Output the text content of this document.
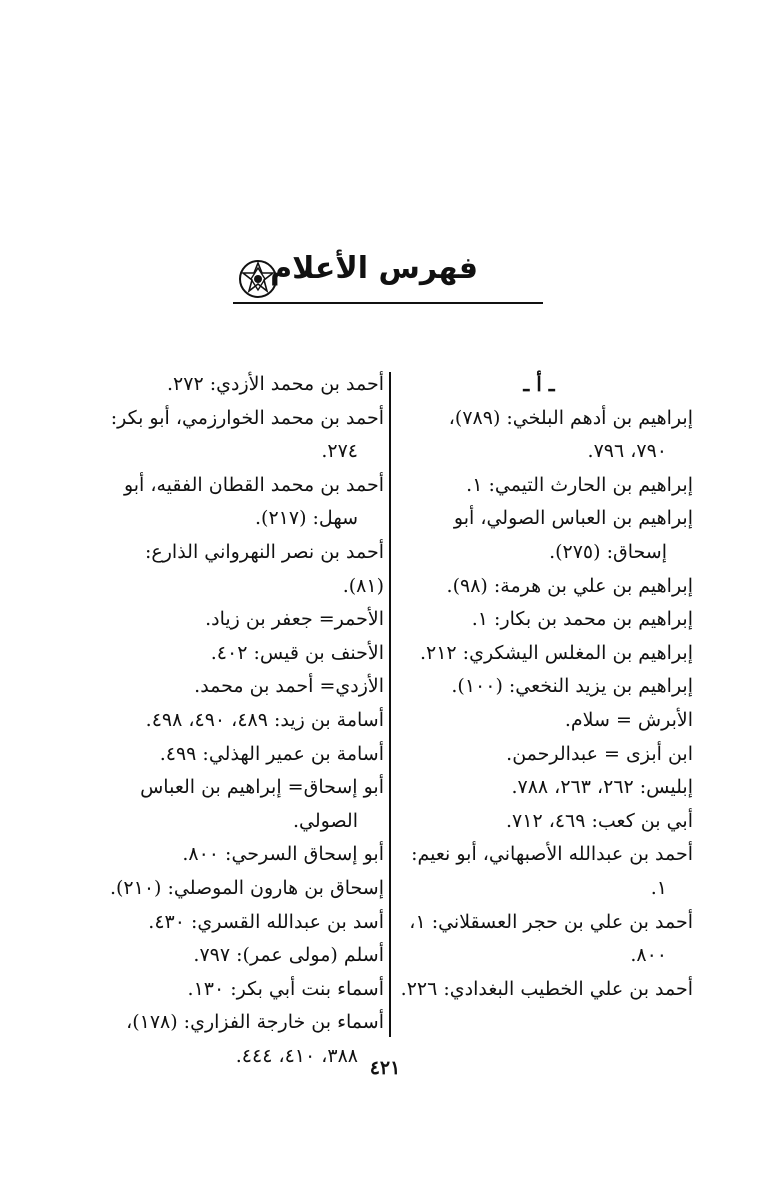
فهرس الأعلام
ـ أ ـ
إبراهيم بن أدهم البلخي: (٧٨٩)،
٧٩٠، ٧٩٦.
إبراهيم بن الحارث التيمي: ١.
إبراهيم بن العباس الصولي، أبو
إسحاق: (٢٧٥).
إبراهيم بن علي بن هرمة: (٩٨).
إبراهيم بن محمد بن بكار: ١.
إبراهيم بن المغلس اليشكري: ٢١٢.
إبراهيم بن يزيد النخعي: (١٠٠).
الأبرش = سلام.
ابن أبزى = عبدالرحمن.
إبليس: ٢٦٢، ٢٦٣، ٧٨٨.
أبي بن كعب: ٤٦٩، ٧١٢.
أحمد بن عبدالله الأصبهاني، أبو نعيم:
١.
أحمد بن علي بن حجر العسقلاني: ١،
٨٠٠.
أحمد بن علي الخطيب البغدادي: ٢٢٦.
أحمد بن محمد الأزدي: ٢٧٢.
أحمد بن محمد الخوارزمي، أبو بكر:
٢٧٤.
أحمد بن محمد القطان الفقيه، أبو
سهل: (٢١٧).
أحمد بن نصر النهرواني الذارع: (٨١).
الأحمر= جعفر بن زياد.
الأحنف بن قيس: ٤٠٢.
الأزدي= أحمد بن محمد.
أسامة بن زيد: ٤٨٩، ٤٩٠، ٤٩٨.
أسامة بن عمير الهذلي: ٤٩٩.
أبو إسحاق= إبراهيم بن العباس
الصولي.
أبو إسحاق السرحي: ٨٠٠.
إسحاق بن هارون الموصلي: (٢١٠).
أسد بن عبدالله القسري: ٤٣٠.
أسلم (مولى عمر): ٧٩٧.
أسماء بنت أبي بكر: ١٣٠.
أسماء بن خارجة الفزاري: (١٧٨)،
٣٨٨، ٤١٠، ٤٤٤.
٤٢١
